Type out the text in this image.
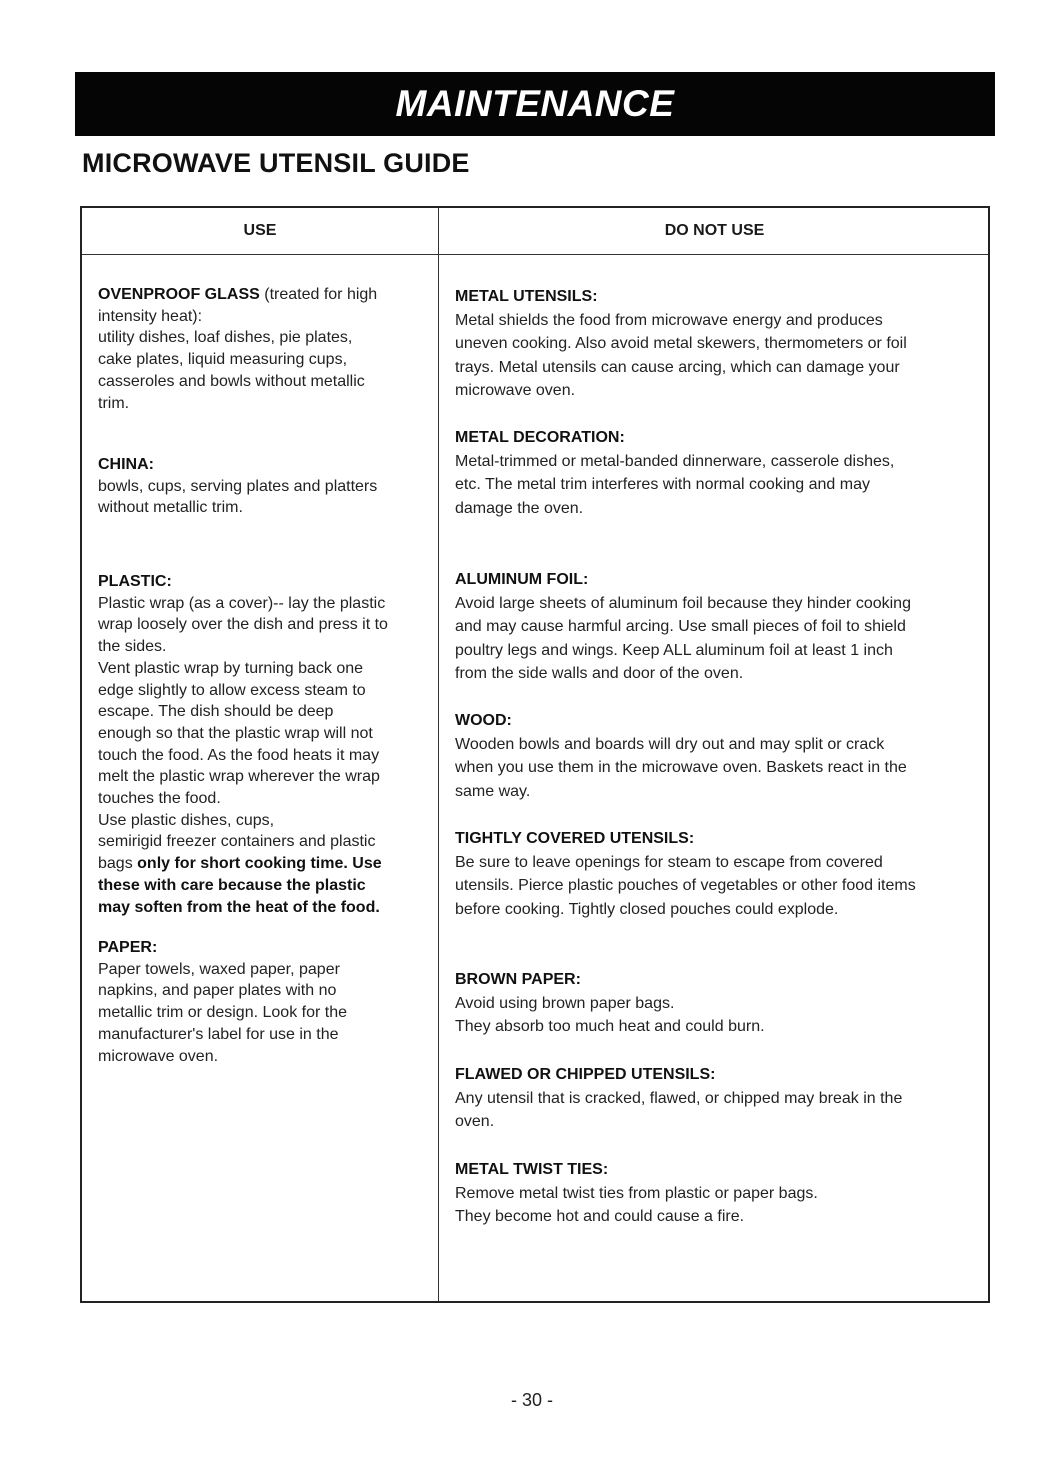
MAINTENANCE
MICROWAVE UTENSIL GUIDE
USE	DO NOT USE
OVENPROOF GLASS (treated for high
intensity heat):
utility dishes, loaf dishes, pie plates,
cake plates, liquid measuring cups,
casseroles and bowls without metallic
trim.
CHINA:
bowls, cups, serving plates and platters
without metallic trim.
PLASTIC:
Plastic wrap (as a cover)-- lay the plastic
wrap loosely over the dish and press it to
the sides.
Vent plastic wrap by turning back one
edge slightly to allow excess steam to
escape. The dish should be deep
enough so that the plastic wrap will not
touch the food. As the food heats it may
melt the plastic wrap wherever the wrap
touches the food.
Use plastic dishes, cups,
semirigid freezer containers and plastic
bags only for short cooking time. Use
these with care because the plastic
may soften from the heat of the food.
PAPER:
Paper towels, waxed paper, paper
napkins, and paper plates with no
metallic trim or design. Look for the
manufacturer's label for use in the
microwave oven.
METAL UTENSILS:
Metal shields the food from microwave energy and produces
uneven cooking. Also avoid metal skewers, thermometers or foil
trays. Metal utensils can cause arcing, which can damage your
microwave oven.
METAL DECORATION:
Metal-trimmed or metal-banded dinnerware, casserole dishes,
etc. The metal trim interferes with normal cooking and may
damage the oven.
ALUMINUM FOIL:
Avoid large sheets of aluminum foil because they hinder cooking
and may cause harmful arcing. Use small pieces of foil to shield
poultry legs and wings. Keep ALL aluminum foil at least 1 inch
from the side walls and door of the oven.
WOOD:
Wooden bowls and boards will dry out and may split or crack
when you use them in the microwave oven. Baskets react in the
same way.
TIGHTLY COVERED UTENSILS:
Be sure to leave openings for steam to escape from covered
utensils. Pierce plastic pouches of vegetables or other food items
before cooking. Tightly closed pouches could explode.
BROWN PAPER:
Avoid using brown paper bags.
They absorb too much heat and could burn.
FLAWED OR CHIPPED UTENSILS:
Any utensil that is cracked, flawed, or chipped may break in the
oven.
METAL TWIST TIES:
Remove metal twist ties from plastic or paper bags.
They become hot and could cause a fire.
- 30 -
